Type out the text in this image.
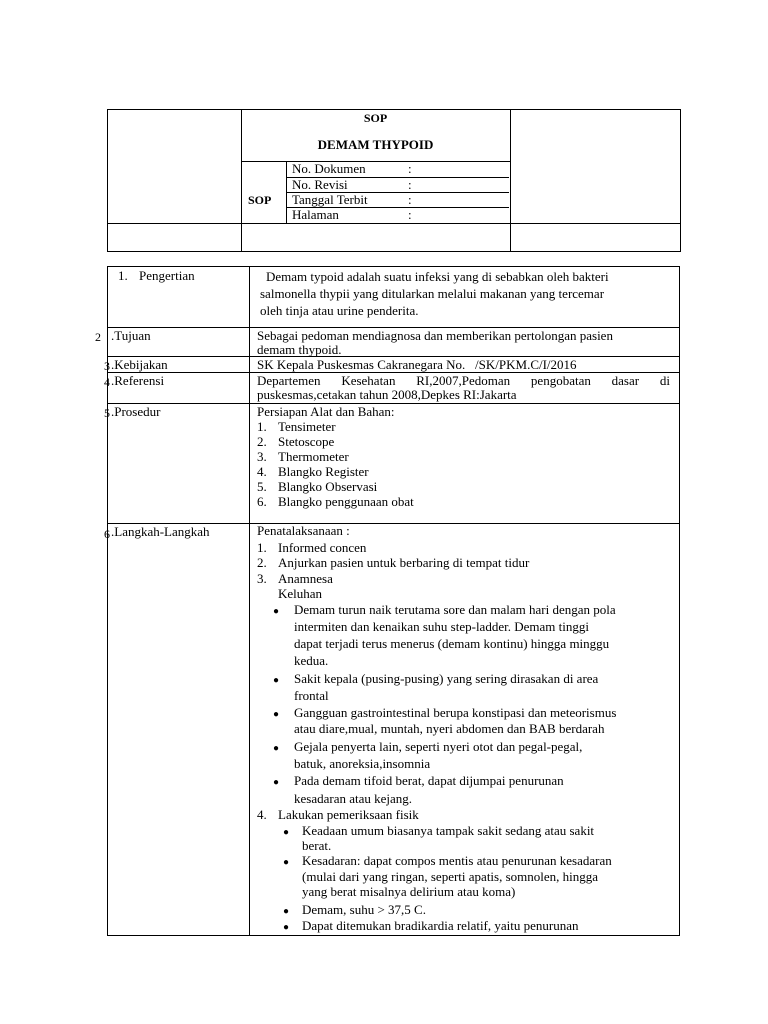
SOP
DEMAM THYPOID
SOP
No. Dokumen	:
No. Revisi	:
Tanggal Terbit	:
Halaman	:
1. Pengertian	Demam typoid adalah suatu infeksi yang di sebabkan oleh bakteri
salmonella thypii yang ditularkan melalui makanan yang tercemar
oleh tinja atau urine penderita.
2 .Tujuan	Sebagai pedoman mendiagnosa dan memberikan pertolongan pasien
demam thypoid.
3 .Kebijakan	SK Kepala Puskesmas Cakranegara No.   /SK/PKM.C/I/2016
4 .Referensi	Departemen Kesehatan RI,2007,Pedoman pengobatan dasar di
puskesmas,cetakan tahun 2008,Depkes RI:Jakarta
5 .Prosedur	Persiapan Alat dan Bahan:
1. Tensimeter
2. Stetoscope
3. Thermometer
4. Blangko Register
5. Blangko Observasi
6. Blangko penggunaan obat
6 .Langkah-Langkah	Penatalaksanaan :
1. Informed concen
2. Anjurkan pasien untuk berbaring di tempat tidur
3. Anamnesa
Keluhan
● Demam turun naik terutama sore dan malam hari dengan pola
intermiten dan kenaikan suhu step-ladder. Demam tinggi
dapat terjadi terus menerus (demam kontinu) hingga minggu
kedua.
● Sakit kepala (pusing-pusing) yang sering dirasakan di area
frontal
● Gangguan gastrointestinal berupa konstipasi dan meteorismus
atau diare,mual, muntah, nyeri abdomen dan BAB berdarah
● Gejala penyerta lain, seperti nyeri otot dan pegal-pegal,
batuk, anoreksia,insomnia
● Pada demam tifoid berat, dapat dijumpai penurunan
kesadaran atau kejang.
4. Lakukan pemeriksaan fisik
● Keadaan umum biasanya tampak sakit sedang atau sakit
berat.
● Kesadaran: dapat compos mentis atau penurunan kesadaran
(mulai dari yang ringan, seperti apatis, somnolen, hingga
yang berat misalnya delirium atau koma)
● Demam, suhu > 37,5 C.
● Dapat ditemukan bradikardia relatif, yaitu penurunan
